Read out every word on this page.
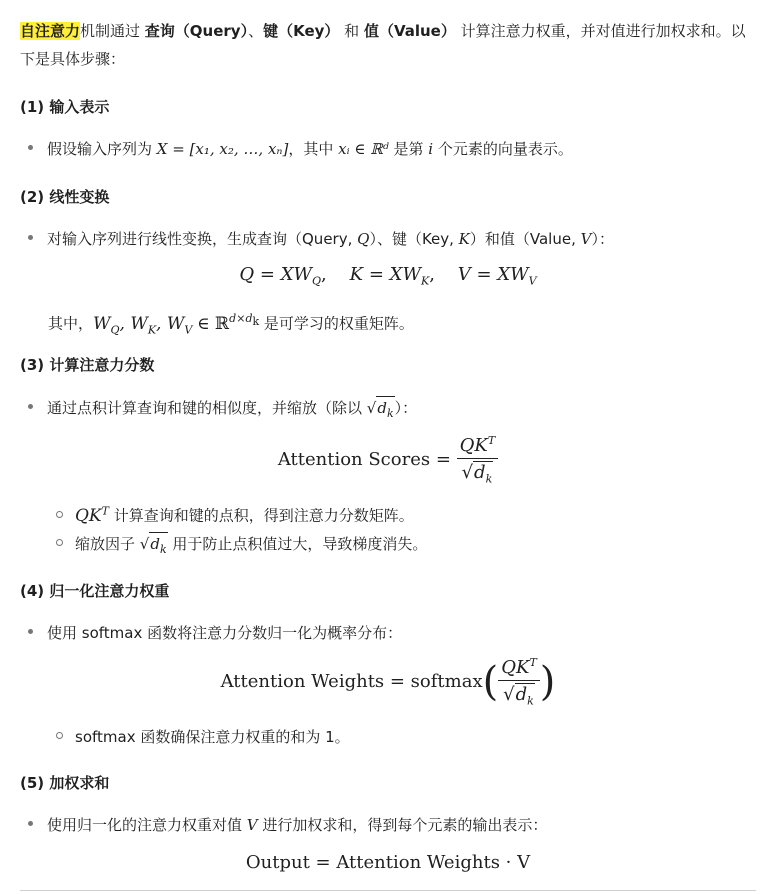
自注意力机制通过 查询（Query）、键（Key） 和 值（Value） 计算注意力权重，并对值进行加权求和。以
下是具体步骤：
(1) 输入表示
假设输入序列为 X = [x₁, x₂, …, xₙ]，其中 xᵢ ∈ ℝᵈ 是第 i 个元素的向量表示。
(2) 线性变换
对输入序列进行线性变换，生成查询（Query, Q）、键（Key, K）和值（Value, V）：
$Q = XW_Q$,    $K = XW_K$,    $V = XW_V$
其中，$W_Q$, $W_K$, $W_V$ ∈ ℝ$^{d\times d_k}$ 是可学习的权重矩阵。
(3) 计算注意力分数
通过点积计算查询和键的相似度，并缩放（除以 $√d_k$）：
Attention Scores = $\frac{QK^T}{√d_k}$
$QK^T$ 计算查询和键的点积，得到注意力分数矩阵。
缩放因子 $√d_k$ 用于防止点积值过大，导致梯度消失。
(4) 归一化注意力权重
使用 softmax 函数将注意力分数归一化为概率分布：
Attention Weights = softmax( $\frac{QK^T}{√d_k}$ )
softmax 函数确保注意力权重的和为 1。
(5) 加权求和
使用归一化的注意力权重对值 V 进行加权求和，得到每个元素的输出表示：
Output = Attention Weights · V
